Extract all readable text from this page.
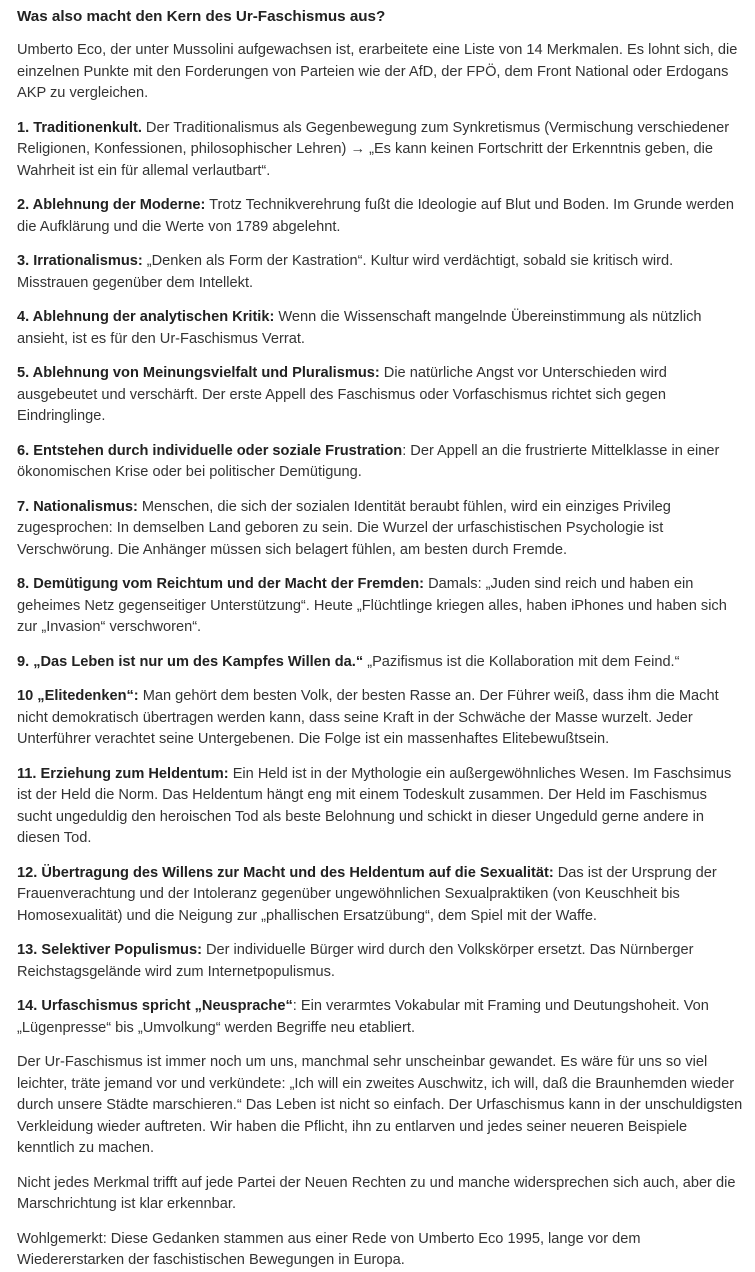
Was also macht den Kern des Ur-Faschismus aus?

Umberto Eco, der unter Mussolini aufgewachsen ist, erarbeitete eine Liste von 14 Merkmalen. Es lohnt sich, die einzelnen Punkte mit den Forderungen von Parteien wie der AfD, der FPÖ, dem Front National oder Erdogans AKP zu vergleichen.

1. Traditionenkult. Der Traditionalismus als Gegenbewegung zum Synkretismus (Vermischung verschiedener Religionen, Konfessionen, philosophischer Lehren) → „Es kann keinen Fortschritt der Erkenntnis geben, die Wahrheit ist ein für allemal verlautbart“.

2. Ablehnung der Moderne: Trotz Technikverehrung fußt die Ideologie auf Blut und Boden. Im Grunde werden die Aufklärung und die Werte von 1789 abgelehnt.

3. Irrationalismus: „Denken als Form der Kastration“. Kultur wird verdächtigt, sobald sie kritisch wird. Misstrauen gegenüber dem Intellekt.

4. Ablehnung der analytischen Kritik: Wenn die Wissenschaft mangelnde Übereinstimmung als nützlich ansieht, ist es für den Ur-Faschismus Verrat.

5. Ablehnung von Meinungsvielfalt und Pluralismus: Die natürliche Angst vor Unterschieden wird ausgebeutet und verschärft. Der erste Appell des Faschismus oder Vorfaschismus richtet sich gegen Eindringlinge.

6. Entstehen durch individuelle oder soziale Frustration: Der Appell an die frustrierte Mittelklasse in einer ökonomischen Krise oder bei politischer Demütigung.

7. Nationalismus: Menschen, die sich der sozialen Identität beraubt fühlen, wird ein einziges Privileg zugesprochen: In demselben Land geboren zu sein. Die Wurzel der urfaschistischen Psychologie ist Verschwörung. Die Anhänger müssen sich belagert fühlen, am besten durch Fremde.

8. Demütigung vom Reichtum und der Macht der Fremden: Damals: „Juden sind reich und haben ein geheimes Netz gegenseitiger Unterstützung“. Heute „Flüchtlinge kriegen alles, haben iPhones und haben sich zur „Invasion“ verschworen“.

9. „Das Leben ist nur um des Kampfes Willen da.“ „Pazifismus ist die Kollaboration mit dem Feind.“

10 „Elitedenken“: Man gehört dem besten Volk, der besten Rasse an. Der Führer weiß, dass ihm die Macht nicht demokratisch übertragen werden kann, dass seine Kraft in der Schwäche der Masse wurzelt. Jeder Unterführer verachtet seine Untergebenen. Die Folge ist ein massenhaftes Elitebewußtsein.

11. Erziehung zum Heldentum: Ein Held ist in der Mythologie ein außergewöhnliches Wesen. Im Faschsimus ist der Held die Norm. Das Heldentum hängt eng mit einem Todeskult zusammen. Der Held im Faschismus sucht ungeduldig den heroischen Tod als beste Belohnung und schickt in dieser Ungeduld gerne andere in diesen Tod.

12. Übertragung des Willens zur Macht und des Heldentum auf die Sexualität: Das ist der Ursprung der Frauenverachtung und der Intoleranz gegenüber ungewöhnlichen Sexualpraktiken (von Keuschheit bis Homosexualität) und die Neigung zur „phallischen Ersatzübung“, dem Spiel mit der Waffe.

13. Selektiver Populismus: Der individuelle Bürger wird durch den Volkskörper ersetzt. Das Nürnberger Reichstagsgelände wird zum Internetpopulismus.

14. Urfaschismus spricht „Neusprache“: Ein verarmtes Vokabular mit Framing und Deutungshoheit. Von „Lügenpresse“ bis „Umvolkung“ werden Begriffe neu etabliert.

Der Ur-Faschismus ist immer noch um uns, manchmal sehr unscheinbar gewandet. Es wäre für uns so viel leichter, träte jemand vor und verkündete: „Ich will ein zweites Auschwitz, ich will, daß die Braunhemden wieder durch unsere Städte marschieren.“ Das Leben ist nicht so einfach. Der Urfaschismus kann in der unschuldigsten Verkleidung wieder auftreten. Wir haben die Pflicht, ihn zu entlarven und jedes seiner neueren Beispiele kenntlich zu machen.

Nicht jedes Merkmal trifft auf jede Partei der Neuen Rechten zu und manche widersprechen sich auch, aber die Marschrichtung ist klar erkennbar.

Wohlgemerkt: Diese Gedanken stammen aus einer Rede von Umberto Eco 1995, lange vor dem Wiedererstarken der faschistischen Bewegungen in Europa.
